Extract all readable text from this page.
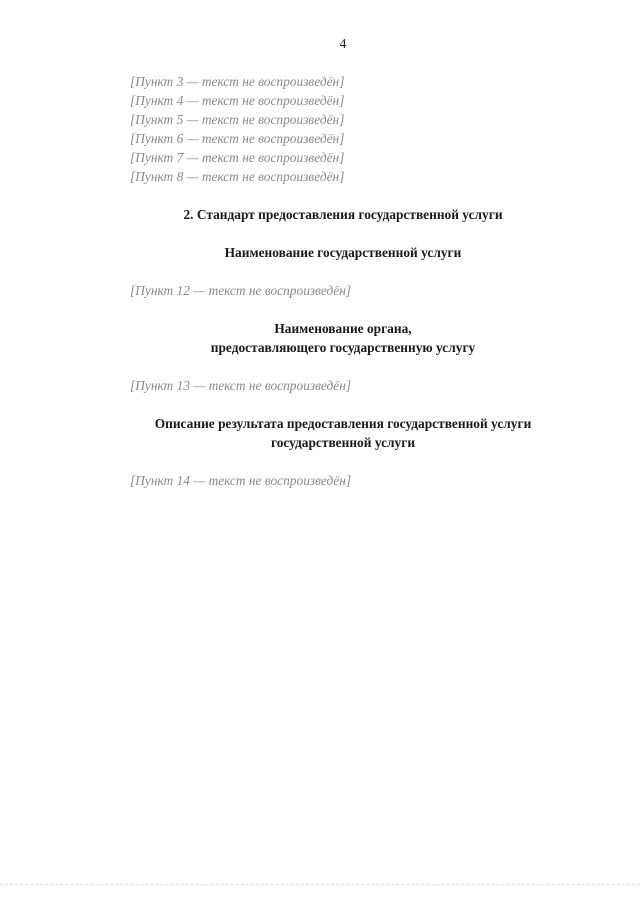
4

[Пункт 3 — текст не воспроизведён]

[Пункт 4 — текст не воспроизведён]

[Пункт 5 — текст не воспроизведён]

[Пункт 6 — текст не воспроизведён]

[Пункт 7 — текст не воспроизведён]

[Пункт 8 — текст не воспроизведён]

2. Стандарт предоставления государственной услуги

Наименование государственной услуги

[Пункт 12 — текст не воспроизведён]

Наименование органа,

предоставляющего государственную услугу

[Пункт 13 — текст не воспроизведён]

Описание результата предоставления государственной услуги

государственной услуги

[Пункт 14 — текст не воспроизведён]
